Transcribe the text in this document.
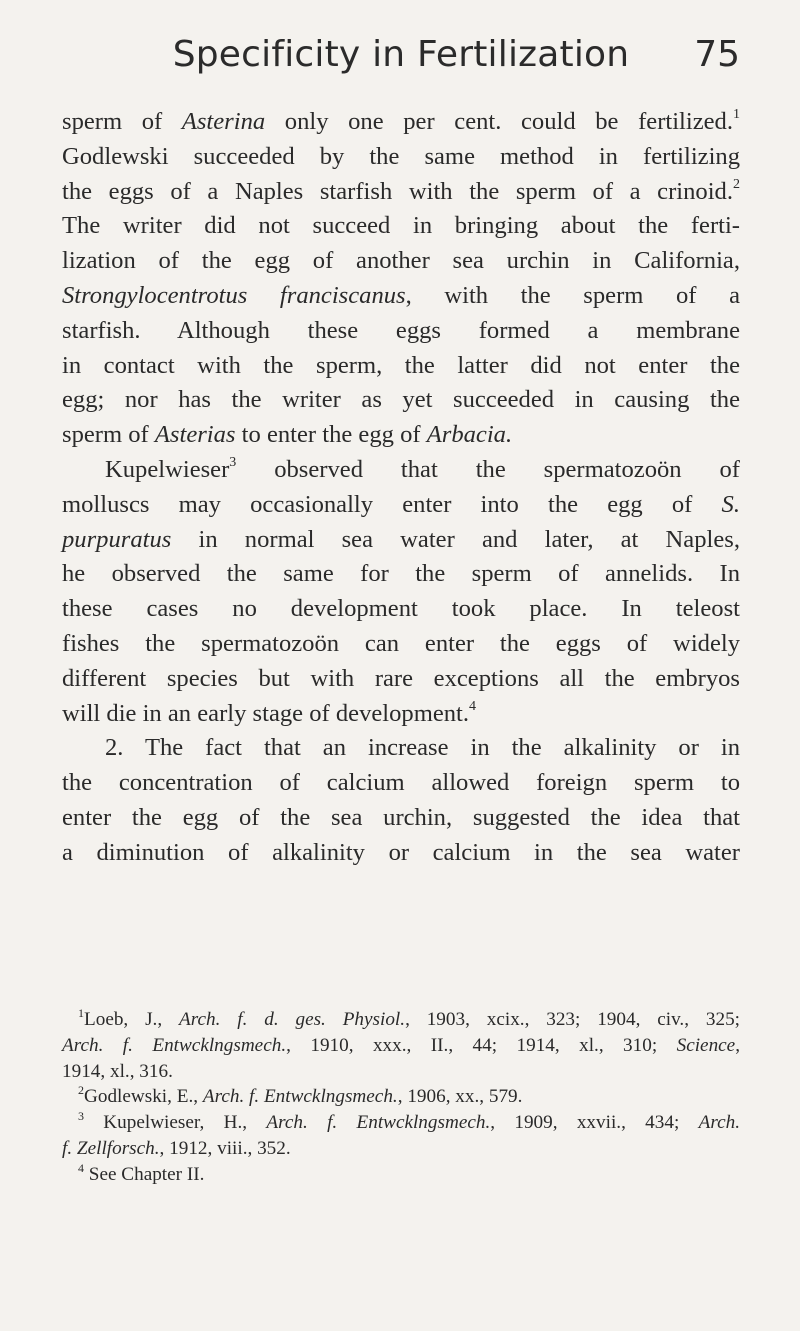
Specificity in Fertilization	75
sperm of Asterina only one per cent. could be fertilized.$^1$
Godlewski succeeded by the same method in fertilizing
the eggs of a Naples starfish with the sperm of a crinoid.$^2$
The writer did not succeed in bringing about the ferti-
lization of the egg of another sea urchin in California,
Strongylocentrotus franciscanus, with the sperm of a
starfish. Although these eggs formed a membrane
in contact with the sperm, the latter did not enter the
egg; nor has the writer as yet succeeded in causing the
sperm of Asterias to enter the egg of Arbacia.
Kupelwieser$^3$ observed that the spermatozoön of
molluscs may occasionally enter into the egg of S.
purpuratus in normal sea water and later, at Naples,
he observed the same for the sperm of annelids. In
these cases no development took place. In teleost
fishes the spermatozoön can enter the eggs of widely
different species but with rare exceptions all the embryos
will die in an early stage of development.$^4$
2. The fact that an increase in the alkalinity or in
the concentration of calcium allowed foreign sperm to
enter the egg of the sea urchin, suggested the idea that
a diminution of alkalinity or calcium in the sea water
$^1$Loeb, J., Arch. f. d. ges. Physiol., 1903, xcix., 323; 1904, civ., 325;
Arch. f. Entwcklngsmech., 1910, xxx., II., 44; 1914, xl., 310; Science,
1914, xl., 316.
$^2$Godlewski, E., Arch. f. Entwcklngsmech., 1906, xx., 579.
$^3$ Kupelwieser, H., Arch. f. Entwcklngsmech., 1909, xxvii., 434; Arch.
f. Zellforsch., 1912, viii., 352.
$^4$ See Chapter II.
